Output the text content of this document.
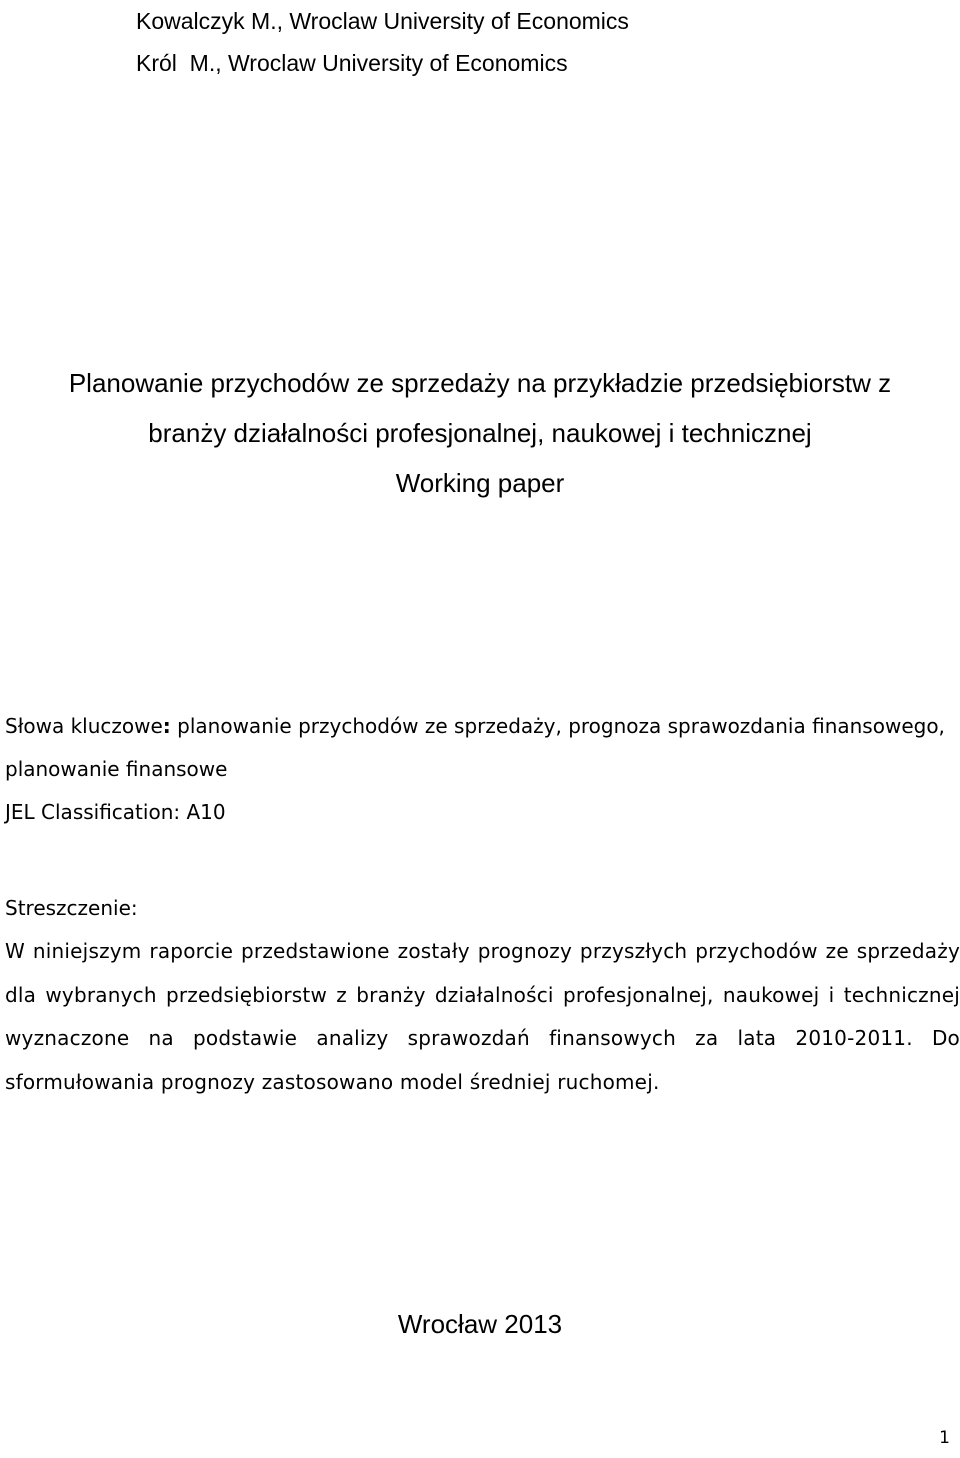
Kowalczyk M., Wroclaw University of Economics
Król  M., Wroclaw University of Economics
Planowanie przychodów ze sprzedaży na przykładzie przedsiębiorstw z
branży działalności profesjonalnej, naukowej i technicznej
Working paper
Słowa kluczowe: planowanie przychodów ze sprzedaży, prognoza sprawozdania finansowego, planowanie finansowe
JEL Classification: A10
Streszczenie:
W niniejszym raporcie przedstawione zostały prognozy przyszłych przychodów ze sprzedaży dla wybranych przedsiębiorstw z branży działalności profesjonalnej, naukowej i technicznej wyznaczone na podstawie analizy sprawozdań finansowych za lata 2010-2011. Do sformułowania prognozy zastosowano model średniej ruchomej.
Wrocław 2013
1
